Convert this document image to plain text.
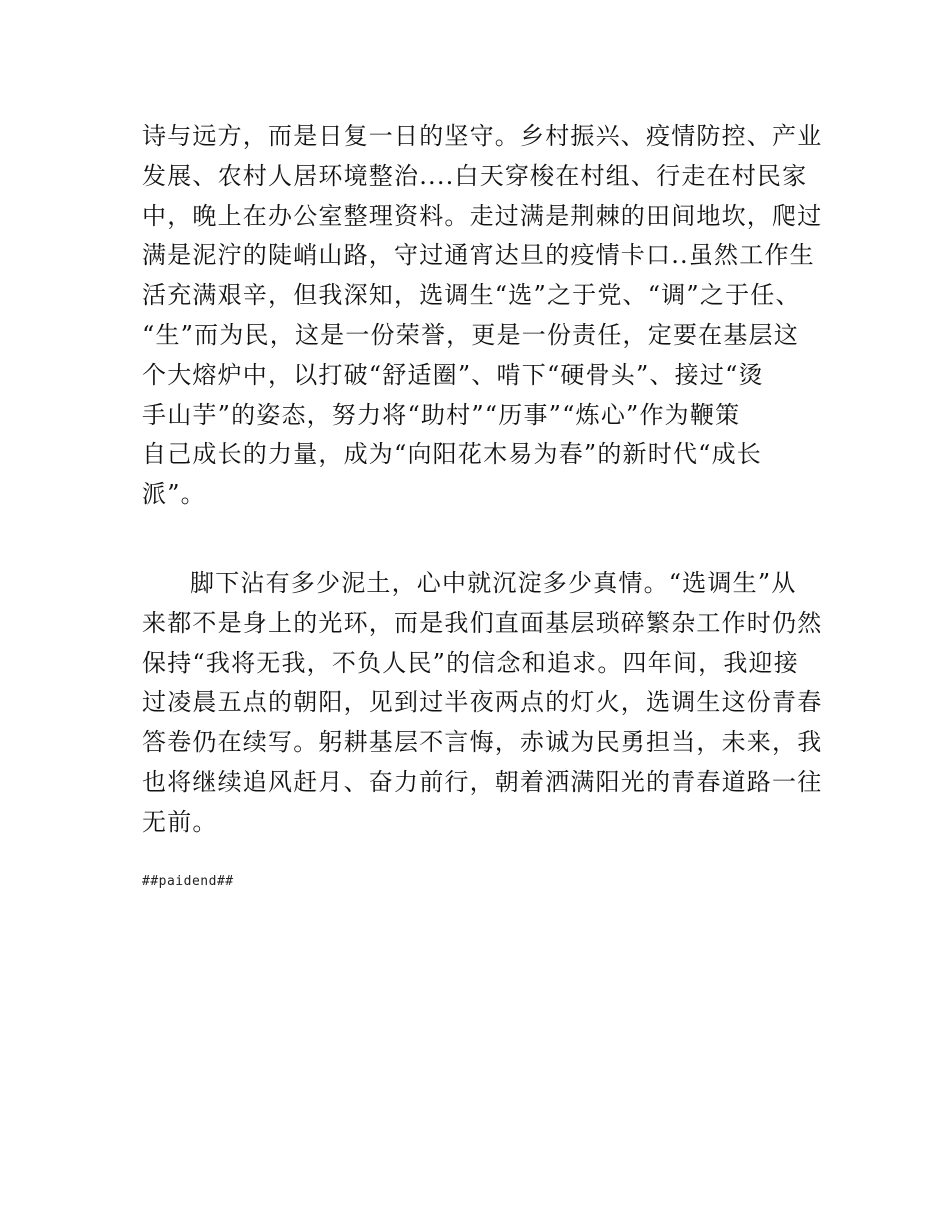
诗与远方，而是日复一日的坚守。乡村振兴、疫情防控、产业
发展、农村人居环境整治....白天穿梭在村组、行走在村民家
中，晚上在办公室整理资料。走过满是荆棘的田间地坎，爬过
满是泥泞的陡峭山路，守过通宵达旦的疫情卡口..虽然工作生
活充满艰辛，但我深知，选调生“选”之于党、“调”之于任、
“生”而为民，这是一份荣誉，更是一份责任，定要在基层这
个大熔炉中，以打破“舒适圈”、啃下“硬骨头”、接过“烫
手山芋”的姿态，努力将“助村”“历事”“炼心”作为鞭策
自己成长的力量，成为“向阳花木易为春”的新时代“成长
派”。
脚下沾有多少泥土，心中就沉淀多少真情。“选调生”从
来都不是身上的光环，而是我们直面基层琐碎繁杂工作时仍然
保持“我将无我，不负人民”的信念和追求。四年间，我迎接
过凌晨五点的朝阳，见到过半夜两点的灯火，选调生这份青春
答卷仍在续写。躬耕基层不言悔，赤诚为民勇担当，未来，我
也将继续追风赶月、奋力前行，朝着洒满阳光的青春道路一往
无前。

##paidend##
